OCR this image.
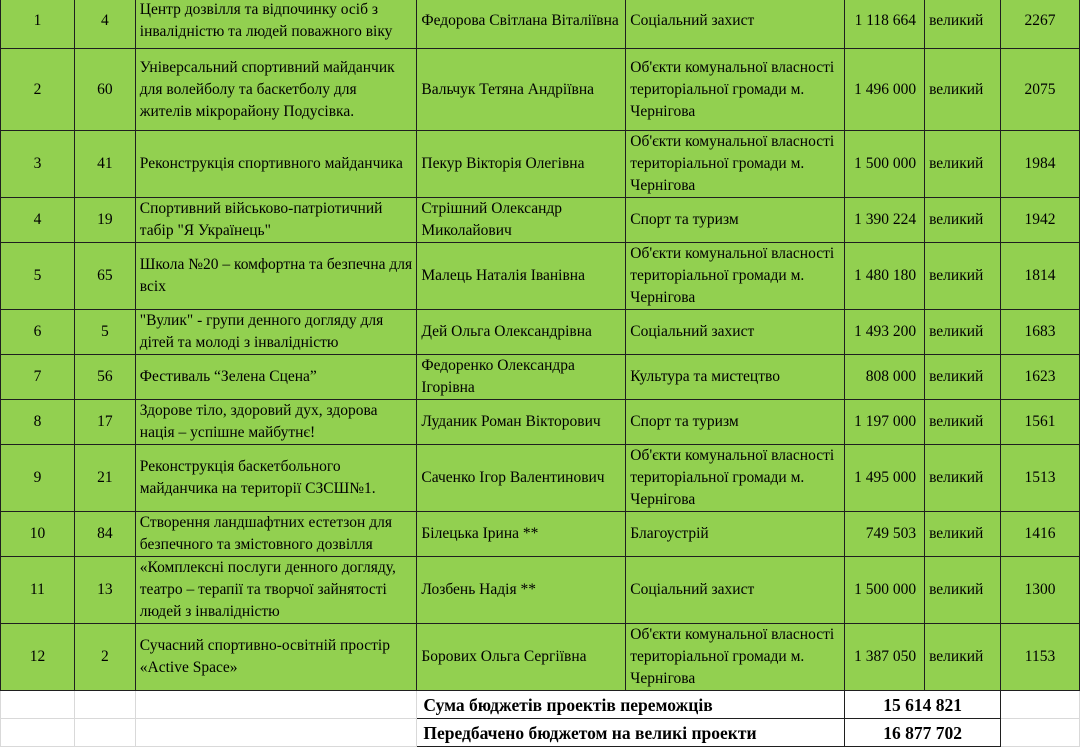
1	4	Центр дозвілля та відпочинку осіб з інвалідністю та людей поважного віку	Федорова Світлана Віталіївна	Соціальний захист	1 118 664	великий	2267
2	60	Універсальний спортивний майданчик для волейболу та баскетболу для жителів мікрорайону Подусівка.	Вальчук Тетяна Андріївна	Об'єкти комунальної власності територіальної громади м. Чернігова	1 496 000	великий	2075
3	41	Реконструкція спортивного майданчика	Пекур Вікторія Олегівна	Об'єкти комунальної власності територіальної громади м. Чернігова	1 500 000	великий	1984
4	19	Спортивний військово-патріотичний табір "Я Українець"	Стрішний Олександр Миколайович	Спорт та туризм	1 390 224	великий	1942
5	65	Школа №20 – комфортна та безпечна для всіх	Малець Наталія Іванівна	Об'єкти комунальної власності територіальної громади м. Чернігова	1 480 180	великий	1814
6	5	"Вулик" - групи денного догляду для дітей та молоді з інвалідністю	Дей Ольга Олександрівна	Соціальний захист	1 493 200	великий	1683
7	56	Фестиваль “Зелена Сцена”	Федоренко Олександра Ігорівна	Культура та мистецтво	808 000	великий	1623
8	17	Здорове тіло, здоровий дух, здорова нація – успішне майбутнє!	Луданик Роман Вікторович	Спорт та туризм	1 197 000	великий	1561
9	21	Реконструкція баскетбольного майданчика на території СЗСШ№1.	Саченко Ігор Валентинович	Об'єкти комунальної власності територіальної громади м. Чернігова	1 495 000	великий	1513
10	84	Створення ландшафтних естетзон для безпечного та змістовного дозвілля	Білецька Ірина **	Благоустрій	749 503	великий	1416
11	13	«Комплексні послуги денного догляду, театро – терапії та творчої зайнятості людей з інвалідністю	Лозбень Надія **	Соціальний захист	1 500 000	великий	1300
12	2	Сучасний спортивно-освітній простір «Active Space»	Борових Ольга Сергіївна	Об'єкти комунальної власності територіальної громади м. Чернігова	1 387 050	великий	1153
			Сума бюджетів проектів переможців		15 614 821		
			Передбачено бюджетом на великі проекти		16 877 702		
